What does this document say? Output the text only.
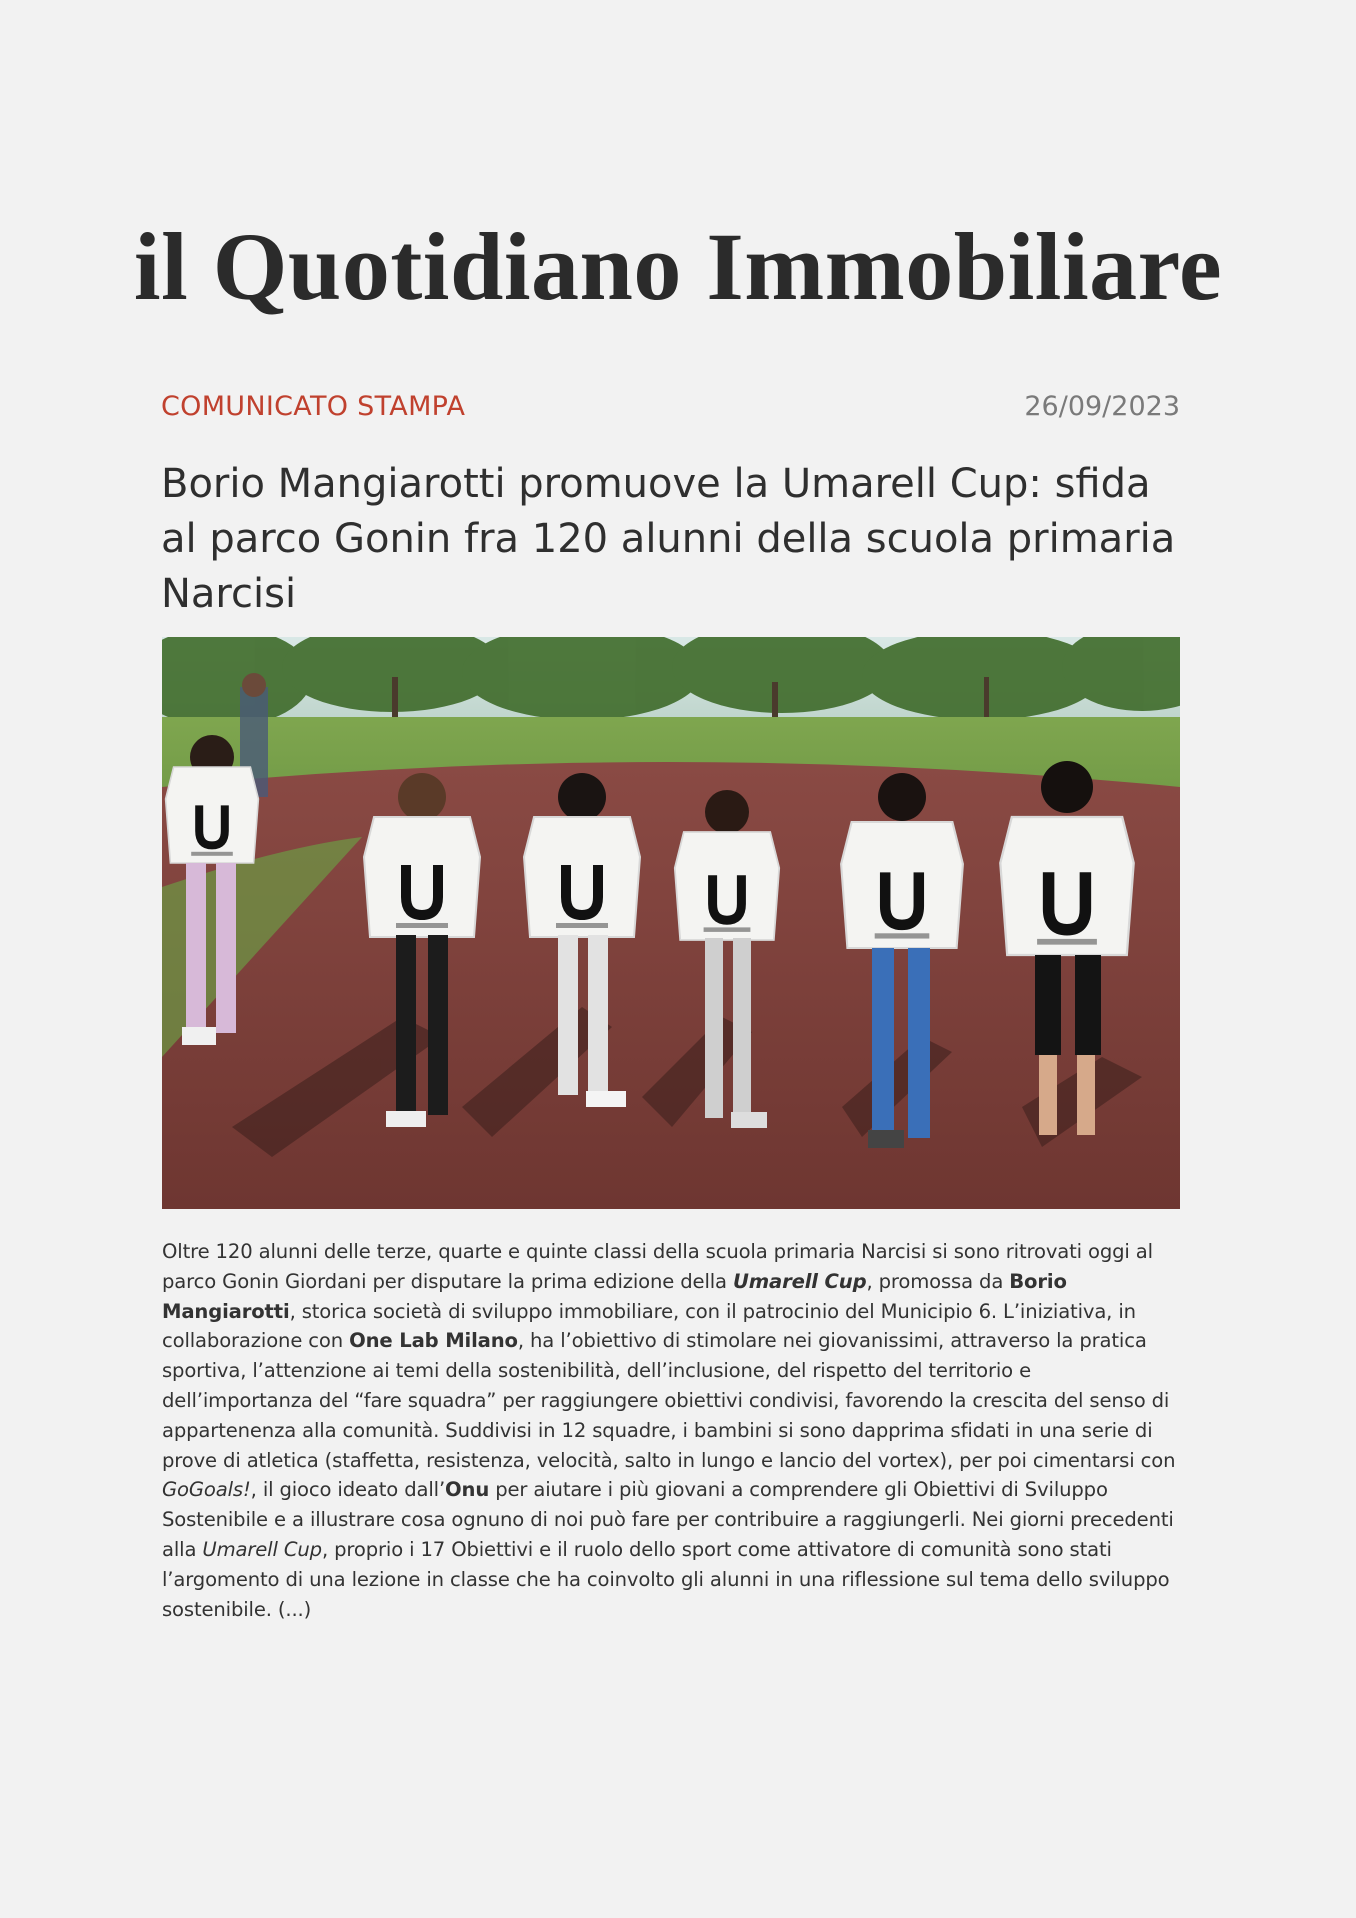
il Quotidiano Immobiliare
COMUNICATO STAMPA	26/09/2023
Borio Mangiarotti promuove la Umarell Cup: sfida al parco Gonin fra 120 alunni della scuola primaria Narcisi

Oltre 120 alunni delle terze, quarte e quinte classi della scuola primaria Narcisi si sono ritrovati oggi al parco Gonin Giordani per disputare la prima edizione della Umarell Cup, promossa da Borio Mangiarotti, storica società di sviluppo immobiliare, con il patrocinio del Municipio 6. L’iniziativa, in collaborazione con One Lab Milano, ha l’obiettivo di stimolare nei giovanissimi, attraverso la pratica sportiva, l’attenzione ai temi della sostenibilità, dell’inclusione, del rispetto del territorio e dell’importanza del “fare squadra” per raggiungere obiettivi condivisi, favorendo la crescita del senso di appartenenza alla comunità. Suddivisi in 12 squadre, i bambini si sono dapprima sfidati in una serie di prove di atletica (staffetta, resistenza, velocità, salto in lungo e lancio del vortex), per poi cimentarsi con GoGoals!, il gioco ideato dall’Onu per aiutare i più giovani a comprendere gli Obiettivi di Sviluppo Sostenibile e a illustrare cosa ognuno di noi può fare per contribuire a raggiungerli. Nei giorni precedenti alla Umarell Cup, proprio i 17 Obiettivi e il ruolo dello sport come attivatore di comunità sono stati l’argomento di una lezione in classe che ha coinvolto gli alunni in una riflessione sul tema dello sviluppo sostenibile. (...)
